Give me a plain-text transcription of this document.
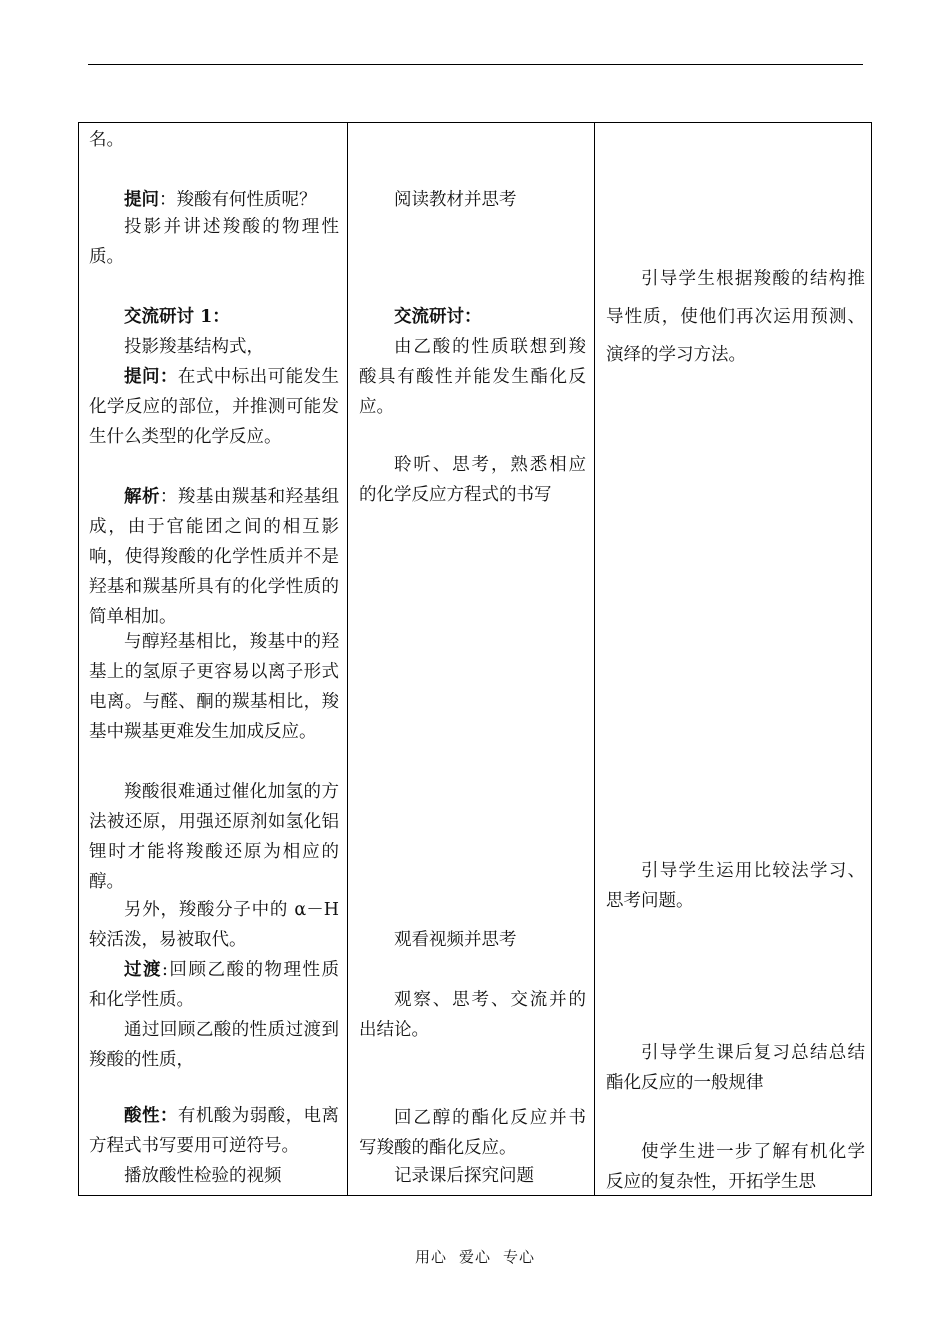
名。
提问：羧酸有何性质呢？
投影并讲述羧酸的物理性质。
交流研讨 1：
投影羧基结构式，
提问：在式中标出可能发生化学反应的部位，并推测可能发生什么类型的化学反应。
解析：羧基由羰基和羟基组成，由于官能团之间的相互影响，使得羧酸的化学性质并不是羟基和羰基所具有的化学性质的简单相加。
与醇羟基相比，羧基中的羟基上的氢原子更容易以离子形式电离。与醛、酮的羰基相比，羧基中羰基更难发生加成反应。
羧酸很难通过催化加氢的方法被还原，用强还原剂如氢化铝锂时才能将羧酸还原为相应的醇。
另外，羧酸分子中的 α－H较活泼，易被取代。
过渡:回顾乙酸的物理性质和化学性质。
通过回顾乙酸的性质过渡到羧酸的性质，
酸性：有机酸为弱酸，电离方程式书写要用可逆符号。
播放酸性检验的视频
阅读教材并思考
交流研讨：
由乙酸的性质联想到羧酸具有酸性并能发生酯化反应。
聆听、思考，熟悉相应的化学反应方程式的书写
观看视频并思考
观察、思考、交流并的出结论。
回乙醇的酯化反应并书写羧酸的酯化反应。
记录课后探究问题
引导学生根据羧酸的结构推导性质，使他们再次运用预测、演绎的学习方法。
引导学生运用比较法学习、思考问题。
引导学生课后复习总结总结酯化反应的一般规律
使学生进一步了解有机化学反应的复杂性，开拓学生思
用心 爱心 专心
